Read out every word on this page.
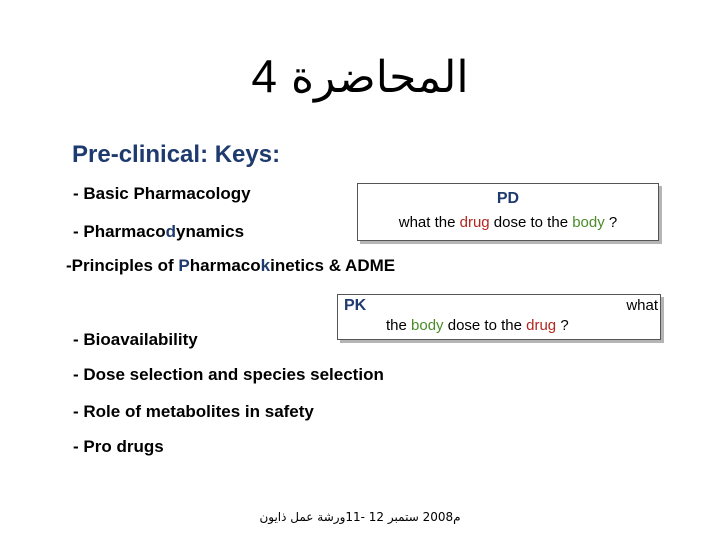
المحاضرة 4
Pre-clinical: Keys:
- Basic Pharmacology
- Pharmacodynamics
PD
what the drug dose to the body ?
-Principles of Pharmacokinetics & ADME
PK	what
the body dose to the drug ?
- Bioavailability
- Dose selection and species selection
- Role of metabolites in safety
- Pro drugs
م2008 ستمبر 12 -11ورشة عمل ذايون
